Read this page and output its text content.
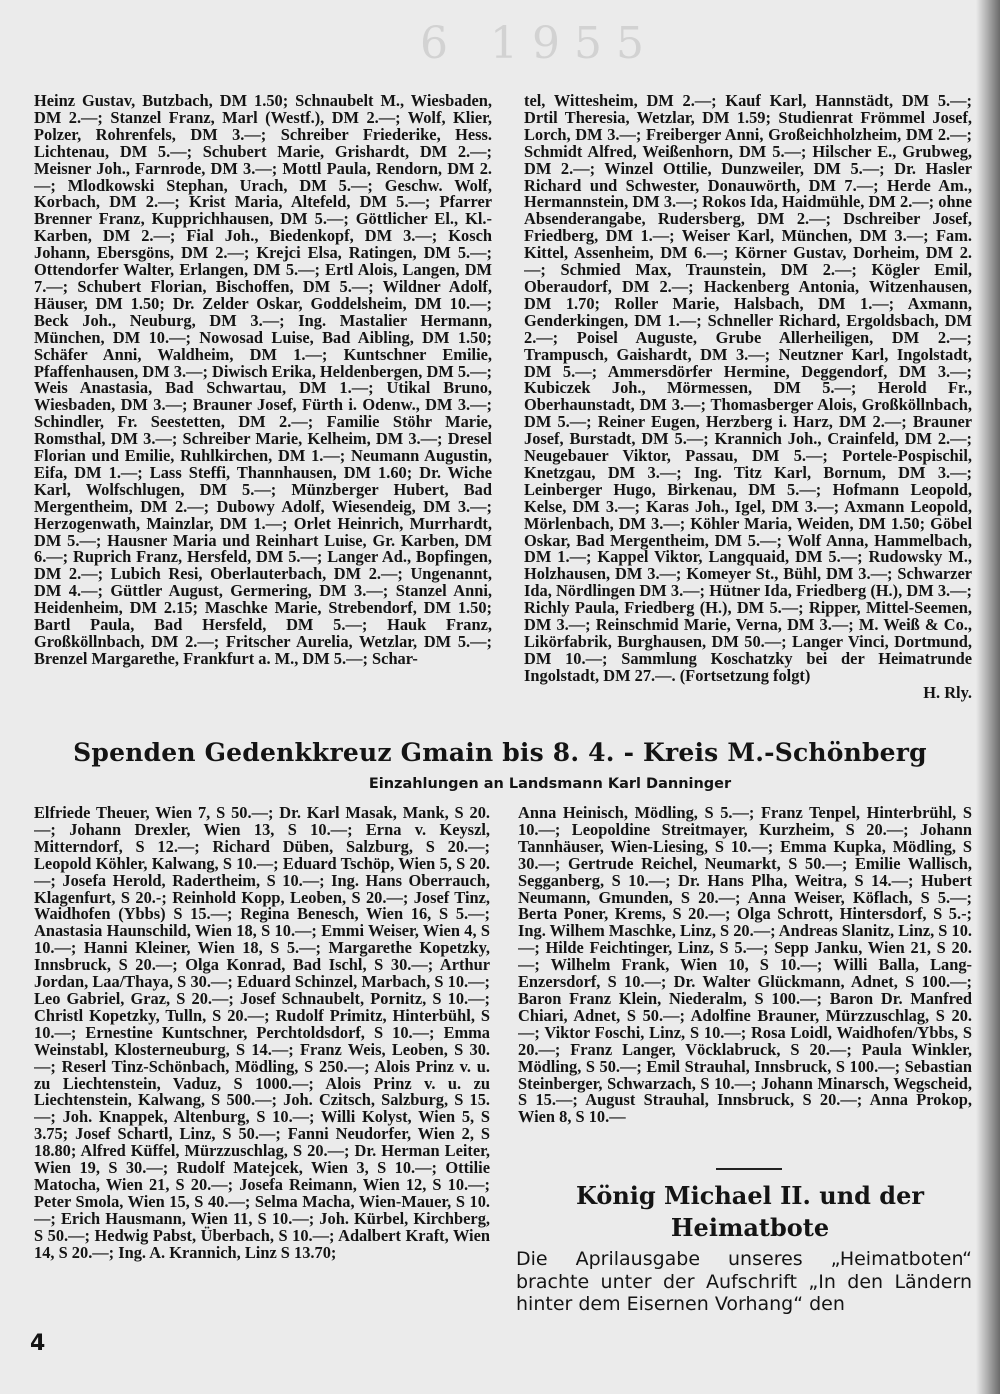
6 1955

Heinz Gustav, Butzbach, DM 1.50; Schnaubelt M., Wiesbaden, DM 2.—; Stanzel Franz, Marl (Westf.), DM 2.—; Wolf, Klier, Polzer, Rohrenfels, DM 3.—; Schreiber Friederike, Hess. Lichtenau, DM 5.—; Schubert Marie, Grishardt, DM 2.—; Meisner Joh., Farnrode, DM 3.—; Mottl Paula, Rendorn, DM 2.—; Mlodkowski Stephan, Urach, DM 5.—; Geschw. Wolf, Korbach, DM 2.—; Krist Maria, Altefeld, DM 5.—; Pfarrer Brenner Franz, Kupprichhausen, DM 5.—; Göttlicher El., Kl.-Karben, DM 2.—; Fial Joh., Biedenkopf, DM 3.—; Kosch Johann, Ebersgöns, DM 2.—; Krejci Elsa, Ratingen, DM 5.—; Ottendorfer Walter, Erlangen, DM 5.—; Ertl Alois, Langen, DM 7.—; Schubert Florian, Bischoffen, DM 5.—; Wildner Adolf, Häuser, DM 1.50; Dr. Zelder Oskar, Goddelsheim, DM 10.—; Beck Joh., Neuburg, DM 3.—; Ing. Mastalier Hermann, München, DM 10.—; Nowosad Luise, Bad Aibling, DM 1.50; Schäfer Anni, Waldheim, DM 1.—; Kuntschner Emilie, Pfaffenhausen, DM 3.—; Diwisch Erika, Heldenbergen, DM 5.—; Weis Anastasia, Bad Schwartau, DM 1.—; Utikal Bruno, Wiesbaden, DM 3.—; Brauner Josef, Fürth i. Odenw., DM 3.—; Schindler, Fr. Seestetten, DM 2.—; Familie Stöhr Marie, Romsthal, DM 3.—; Schreiber Marie, Kelheim, DM 3.—; Dresel Florian und Emilie, Ruhlkirchen, DM 1.—; Neumann Augustin, Eifa, DM 1.—; Lass Steffi, Thannhausen, DM 1.60; Dr. Wiche Karl, Wolfschlugen, DM 5.—; Münzberger Hubert, Bad Mergentheim, DM 2.—; Dubowy Adolf, Wiesendeig, DM 3.—; Herzogenwath, Mainzlar, DM 1.—; Orlet Heinrich, Murrhardt, DM 5.—; Hausner Maria und Reinhart Luise, Gr. Karben, DM 6.—; Ruprich Franz, Hersfeld, DM 5.—; Langer Ad., Bopfingen, DM 2.—; Lubich Resi, Oberlauterbach, DM 2.—; Ungenannt, DM 4.—; Güttler August, Germering, DM 3.—; Stanzel Anni, Heidenheim, DM 2.15; Maschke Marie, Strebendorf, DM 1.50; Bartl Paula, Bad Hersfeld, DM 5.—; Hauk Franz, Großköllnbach, DM 2.—; Fritscher Aurelia, Wetzlar, DM 5.—; Brenzel Margarethe, Frankfurt a. M., DM 5.—; Schar-

tel, Wittesheim, DM 2.—; Kauf Karl, Hannstädt, DM 5.—; Drtil Theresia, Wetzlar, DM 1.59; Studienrat Frömmel Josef, Lorch, DM 3.—; Freiberger Anni, Großeichholzheim, DM 2.—; Schmidt Alfred, Weißenhorn, DM 5.—; Hilscher E., Grubweg, DM 2.—; Winzel Ottilie, Dunzweiler, DM 5.—; Dr. Hasler Richard und Schwester, Donauwörth, DM 7.—; Herde Am., Hermannstein, DM 3.—; Rokos Ida, Haidmühle, DM 2.—; ohne Absenderangabe, Rudersberg, DM 2.—; Dschreiber Josef, Friedberg, DM 1.—; Weiser Karl, München, DM 3.—; Fam. Kittel, Assenheim, DM 6.—; Körner Gustav, Dorheim, DM 2.—; Schmied Max, Traunstein, DM 2.—; Kögler Emil, Oberaudorf, DM 2.—; Hackenberg Antonia, Witzenhausen, DM 1.70; Roller Marie, Halsbach, DM 1.—; Axmann, Genderkingen, DM 1.—; Schneller Richard, Ergoldsbach, DM 2.—; Poisel Auguste, Grube Allerheiligen, DM 2.—; Trampusch, Gaishardt, DM 3.—; Neutzner Karl, Ingolstadt, DM 5.—; Ammersdörfer Hermine, Deggendorf, DM 3.—; Kubiczek Joh., Mörmessen, DM 5.—; Herold Fr., Oberhaunstadt, DM 3.—; Thomasberger Alois, Großköllnbach, DM 5.—; Reiner Eugen, Herzberg i. Harz, DM 2.—; Brauner Josef, Burstadt, DM 5.—; Krannich Joh., Crainfeld, DM 2.—; Neugebauer Viktor, Passau, DM 5.—; Portele-Pospischil, Knetzgau, DM 3.—; Ing. Titz Karl, Bornum, DM 3.—; Leinberger Hugo, Birkenau, DM 5.—; Hofmann Leopold, Kelse, DM 3.—; Karas Joh., Igel, DM 3.—; Axmann Leopold, Mörlenbach, DM 3.—; Köhler Maria, Weiden, DM 1.50; Göbel Oskar, Bad Mergentheim, DM 5.—; Wolf Anna, Hammelbach, DM 1.—; Kappel Viktor, Langquaid, DM 5.—; Rudowsky M., Holzhausen, DM 3.—; Komeyer St., Bühl, DM 3.—; Schwarzer Ida, Nördlingen DM 3.—; Hütner Ida, Friedberg (H.), DM 3.—; Richly Paula, Friedberg (H.), DM 5.—; Ripper, Mittel-Seemen, DM 3.—; Reinschmid Marie, Verna, DM 3.—; M. Weiß & Co., Likörfabrik, Burghausen, DM 50.—; Langer Vinci, Dortmund, DM 10.—; Sammlung Koschatzky bei der Heimatrunde Ingolstadt, DM 27.—. (Fortsetzung folgt)

H. Rly.

Spenden Gedenkkreuz Gmain bis 8. 4. - Kreis M.-Schönberg
Einzahlungen an Landsmann Karl Danninger

Elfriede Theuer, Wien 7, S 50.—; Dr. Karl Masak, Mank, S 20.—; Johann Drexler, Wien 13, S 10.—; Erna v. Keyszl, Mitterndorf, S 12.—; Richard Düben, Salzburg, S 20.—; Leopold Köhler, Kalwang, S 10.—; Eduard Tschöp, Wien 5, S 20.—; Josefa Herold, Radertheim, S 10.—; Ing. Hans Oberrauch, Klagenfurt, S 20.-; Reinhold Kopp, Leoben, S 20.—; Josef Tinz, Waidhofen (Ybbs) S 15.—; Regina Benesch, Wien 16, S 5.—; Anastasia Haunschild, Wien 18, S 10.—; Emmi Weiser, Wien 4, S 10.—; Hanni Kleiner, Wien 18, S 5.—; Margarethe Kopetzky, Innsbruck, S 20.—; Olga Konrad, Bad Ischl, S 30.—; Arthur Jordan, Laa/Thaya, S 30.—; Eduard Schinzel, Marbach, S 10.—; Leo Gabriel, Graz, S 20.—; Josef Schnaubelt, Pornitz, S 10.—; Christl Kopetzky, Tulln, S 20.—; Rudolf Primitz, Hinterbühl, S 10.—; Ernestine Kuntschner, Perchtoldsdorf, S 10.—; Emma Weinstabl, Klosterneuburg, S 14.—; Franz Weis, Leoben, S 30.—; Reserl Tinz-Schönbach, Mödling, S 250.—; Alois Prinz v. u. zu Liechtenstein, Vaduz, S 1000.—; Alois Prinz v. u. zu Liechtenstein, Kalwang, S 500.—; Joh. Czitsch, Salzburg, S 15.—; Joh. Knappek, Altenburg, S 10.—; Willi Kolyst, Wien 5, S 3.75; Josef Schartl, Linz, S 50.—; Fanni Neudorfer, Wien 2, S 18.80; Alfred Küffel, Mürzzuschlag, S 20.—; Dr. Herman Leiter, Wien 19, S 30.—; Rudolf Matejcek, Wien 3, S 10.—; Ottilie Matocha, Wien 21, S 20.—; Josefa Reimann, Wien 12, S 10.—; Peter Smola, Wien 15, S 40.—; Selma Macha, Wien-Mauer, S 10.—; Erich Hausmann, Wien 11, S 10.—; Joh. Kürbel, Kirchberg, S 50.—; Hedwig Pabst, Überbach, S 10.—; Adalbert Kraft, Wien 14, S 20.—; Ing. A. Krannich, Linz S 13.70;

Anna Heinisch, Mödling, S 5.—; Franz Tenpel, Hinterbrühl, S 10.—; Leopoldine Streitmayer, Kurzheim, S 20.—; Johann Tannhäuser, Wien-Liesing, S 10.—; Emma Kupka, Mödling, S 30.—; Gertrude Reichel, Neumarkt, S 50.—; Emilie Wallisch, Segganberg, S 10.—; Dr. Hans Plha, Weitra, S 14.—; Hubert Neumann, Gmunden, S 20.—; Anna Weiser, Köflach, S 5.—; Berta Poner, Krems, S 20.—; Olga Schrott, Hintersdorf, S 5.-; Ing. Wilhem Maschke, Linz, S 20.—; Andreas Slanitz, Linz, S 10.—; Hilde Feichtinger, Linz, S 5.—; Sepp Janku, Wien 21, S 20.—; Wilhelm Frank, Wien 10, S 10.—; Willi Balla, Lang-Enzersdorf, S 10.—; Dr. Walter Glückmann, Adnet, S 100.—; Baron Franz Klein, Niederalm, S 100.—; Baron Dr. Manfred Chiari, Adnet, S 50.—; Adolfine Brauner, Mürzzuschlag, S 20.—; Viktor Foschi, Linz, S 10.—; Rosa Loidl, Waidhofen/Ybbs, S 20.—; Franz Langer, Vöcklabruck, S 20.—; Paula Winkler, Mödling, S 50.—; Emil Strauhal, Innsbruck, S 100.—; Sebastian Steinberger, Schwarzach, S 10.—; Johann Minarsch, Wegscheid, S 15.—; August Strauhal, Innsbruck, S 20.—; Anna Prokop, Wien 8, S 10.—

König Michael II. und der Heimatbote
Die Aprilausgabe unseres „Heimatboten“ brachte unter der Aufschrift „In den Ländern hinter dem Eisernen Vorhang“ den
4
